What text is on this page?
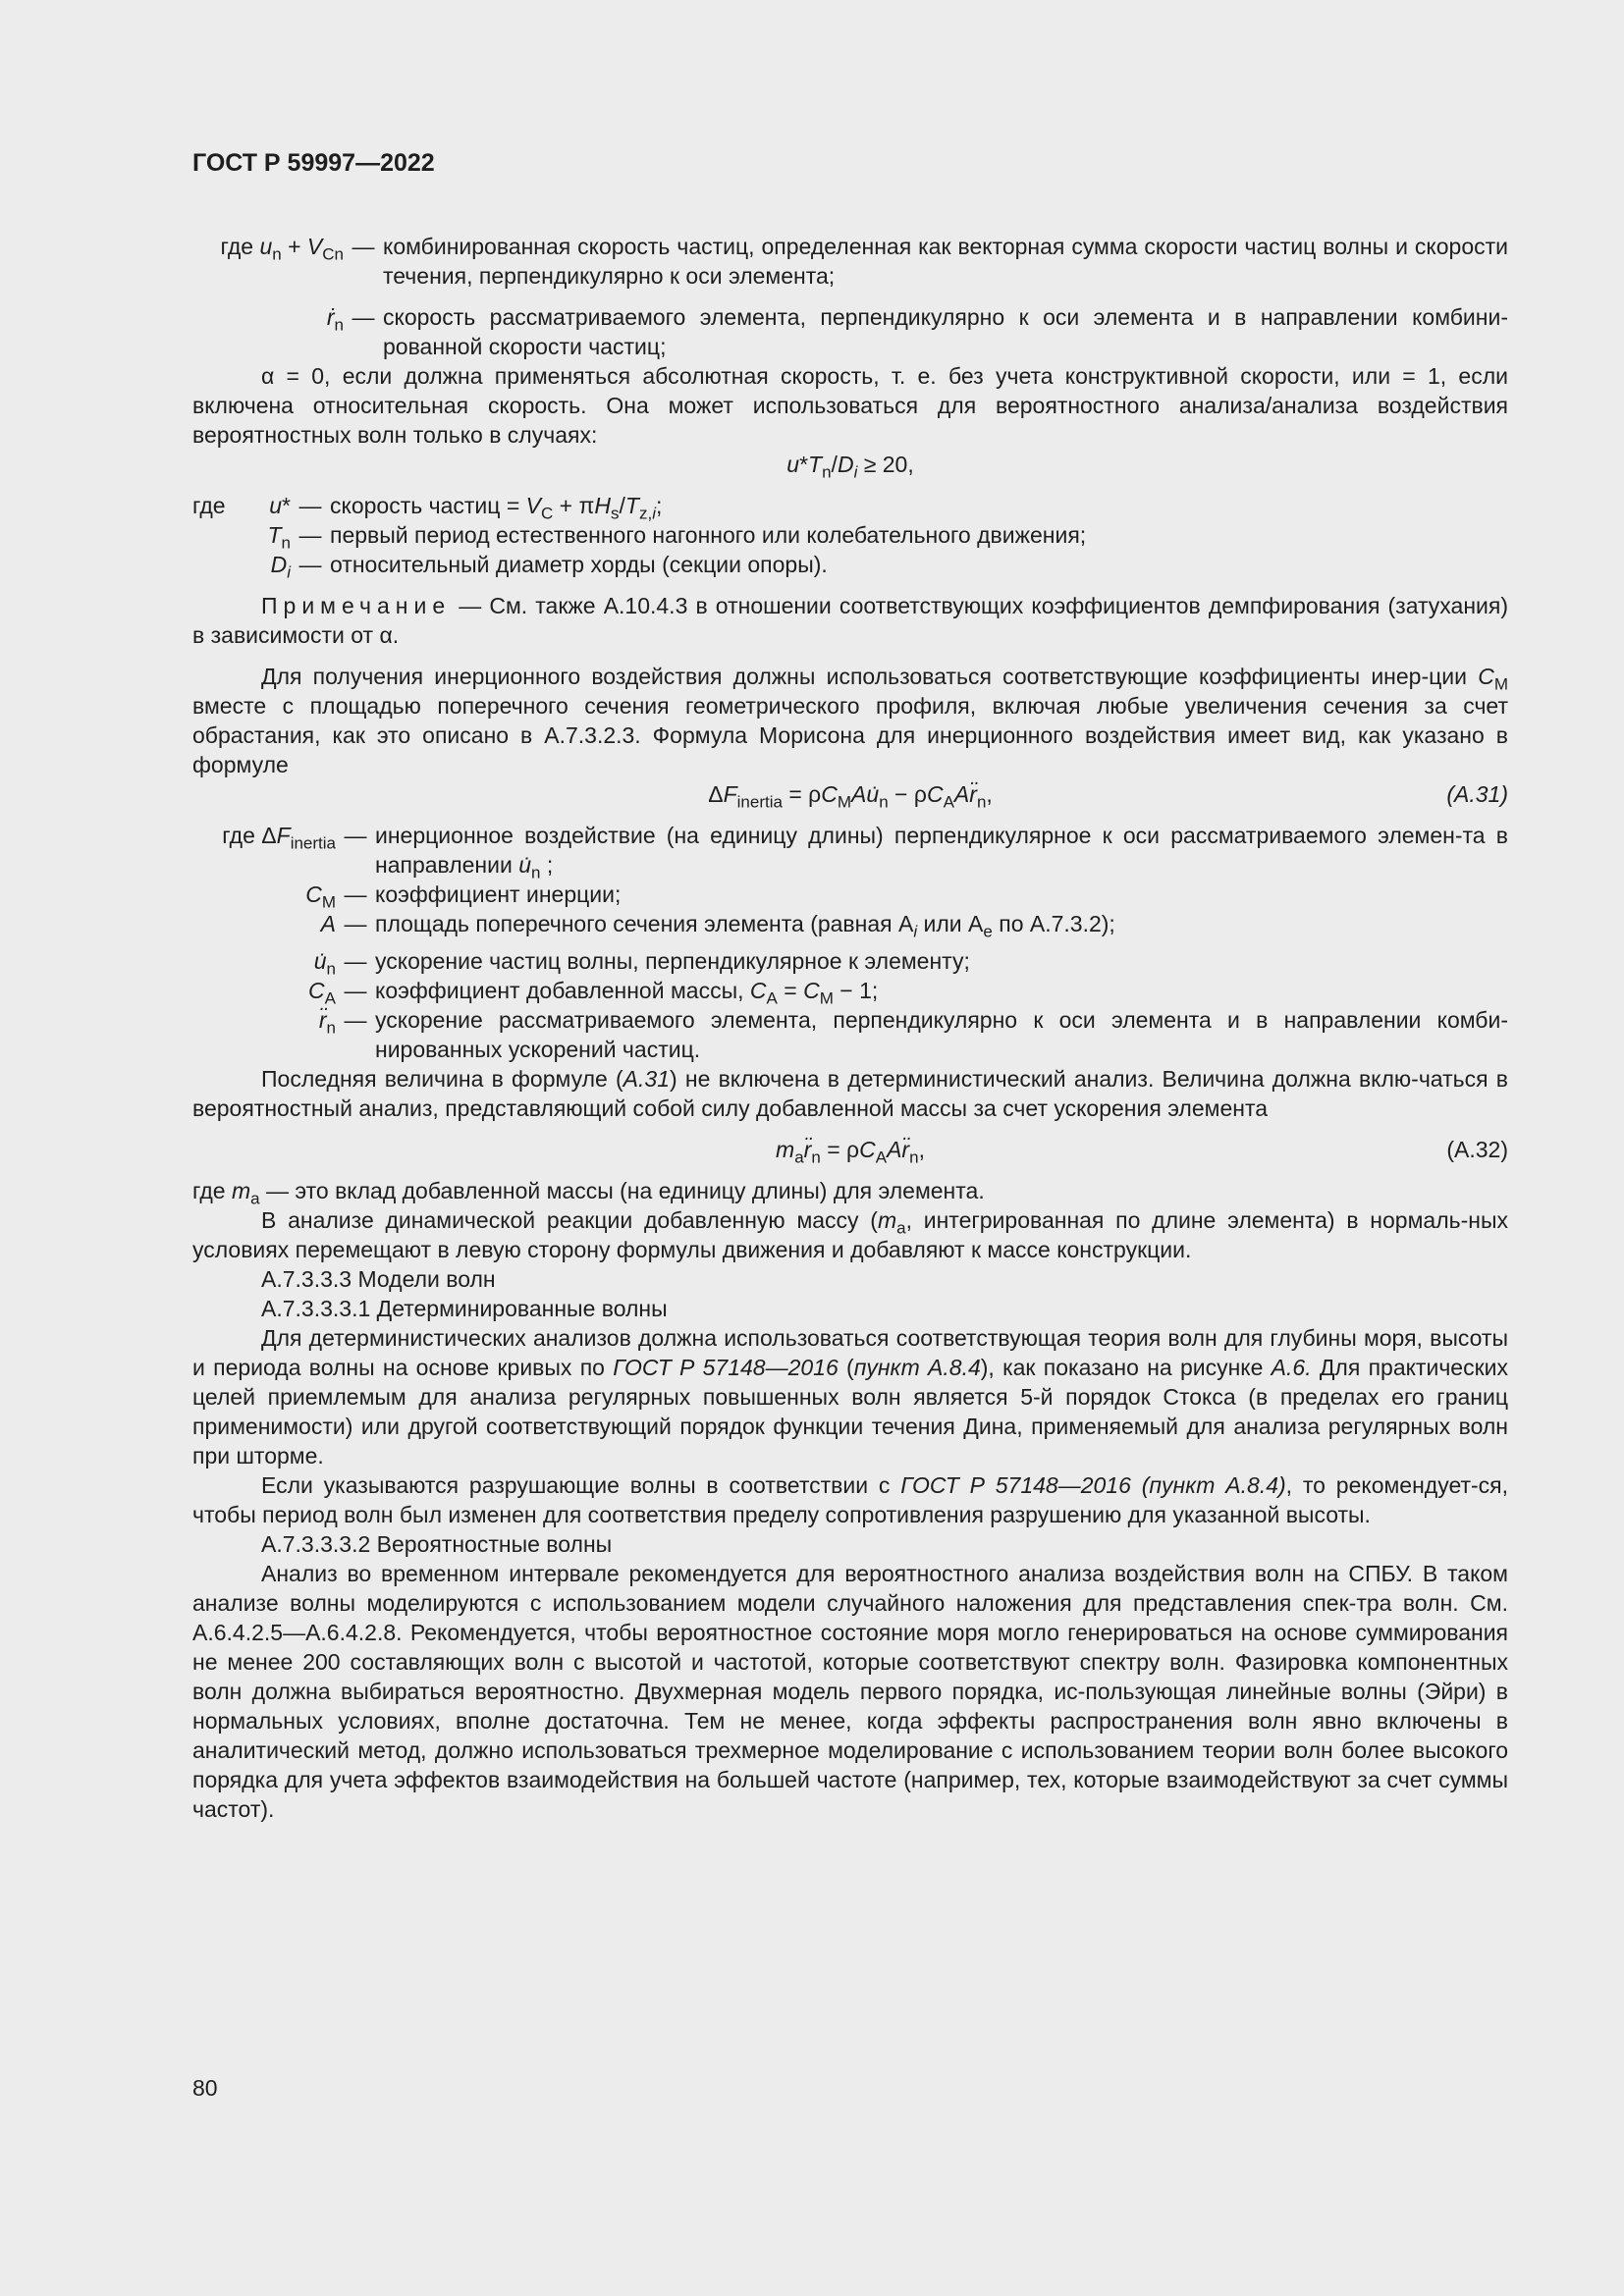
ГОСТ Р 59997—2022
где $u_n + V_{Cn}$ — комбинированная скорость частиц, определенная как векторная сумма скорости частиц волны и скорости течения, перпендикулярно к оси элемента;
ṙ$_n$ — скорость рассматриваемого элемента, перпендикулярно к оси элемента и в направлении комбини-рованной скорости частиц;

α = 0, если должна применяться абсолютная скорость, т. е. без учета конструктивной скорости, или = 1, если включена относительная скорость. Она может использоваться для вероятностного анализа/анализа воздействия вероятностных волн только в случаях:

$u*T_n/D_i \ge 20$,
где	u* — скорость частиц = $V_C + \pi H_s/T_{z,i}$;
$T_n$ — первый период естественного нагонного или колебательного движения;
$D_i$ — относительный диаметр хорды (секции опоры).

Примечание — См. также А.10.4.3 в отношении соответствующих коэффициентов демпфирования (затухания) в зависимости от α.

Для получения инерционного воздействия должны использоваться соответствующие коэффициенты инер-ции $C_M$ вместе с площадью поперечного сечения геометрического профиля, включая любые увеличения сечения за счет обрастания, как это описано в А.7.3.2.3. Формула Морисона для инерционного воздействия имеет вид, как указано в формуле

$\Delta F_{inertia}$ = $\rho C_MAu̇_n$ − $\rho C_AAr̈_n$,	(A.31)
где $\Delta F_{inertia}$ — инерционное воздействие (на единицу длины) перпендикулярное к оси рассматриваемого элемен-та в направлении $u̇_n$ ;
$C_M$ — коэффициент инерции;
A — площадь поперечного сечения элемента (равная $A_i$ или $A_e$ по А.7.3.2);
$u̇_n$ — ускорение частиц волны, перпендикулярное к элементу;
$C_A$ — коэффициент добавленной массы, $C_A = C_M - 1$;
$r̈_n$ — ускорение рассматриваемого элемента, перпендикулярно к оси элемента и в направлении комби-нированных ускорений частиц.

Последняя величина в формуле (А.31) не включена в детерминистический анализ. Величина должна вклю-чаться в вероятностный анализ, представляющий собой силу добавленной массы за счет ускорения элемента

$m_ar̈_n$ = $\rho C_AAr̈_n$,	(А.32)

где $m_a$ — это вклад добавленной массы (на единицу длины) для элемента.

В анализе динамической реакции добавленную массу ($m_a$, интегрированная по длине элемента) в нормаль-ных условиях перемещают в левую сторону формулы движения и добавляют к массе конструкции.

А.7.3.3.3 Модели волн

А.7.3.3.3.1 Детерминированные волны

Для детерминистических анализов должна использоваться соответствующая теория волн для глубины моря, высоты и периода волны на основе кривых по ГОСТ Р 57148—2016 (пункт А.8.4), как показано на рисунке А.6. Для практических целей приемлемым для анализа регулярных повышенных волн является 5-й порядок Стокса (в пределах его границ применимости) или другой соответствующий порядок функции течения Дина, применяемый для анализа регулярных волн при шторме.

Если указываются разрушающие волны в соответствии с ГОСТ Р 57148—2016 (пункт А.8.4), то рекомендует-ся, чтобы период волн был изменен для соответствия пределу сопротивления разрушению для указанной высоты.

А.7.3.3.3.2 Вероятностные волны

Анализ во временном интервале рекомендуется для вероятностного анализа воздействия волн на СПБУ. В таком анализе волны моделируются с использованием модели случайного наложения для представления спек-тра волн. См. А.6.4.2.5—А.6.4.2.8. Рекомендуется, чтобы вероятностное состояние моря могло генерироваться на основе суммирования не менее 200 составляющих волн с высотой и частотой, которые соответствуют спектру волн. Фазировка компонентных волн должна выбираться вероятностно. Двухмерная модель первого порядка, ис-пользующая линейные волны (Эйри) в нормальных условиях, вполне достаточна. Тем не менее, когда эффекты распространения волн явно включены в аналитический метод, должно использоваться трехмерное моделирование с использованием теории волн более высокого порядка для учета эффектов взаимодействия на большей частоте (например, тех, которые взаимодействуют за счет суммы частот).

80
